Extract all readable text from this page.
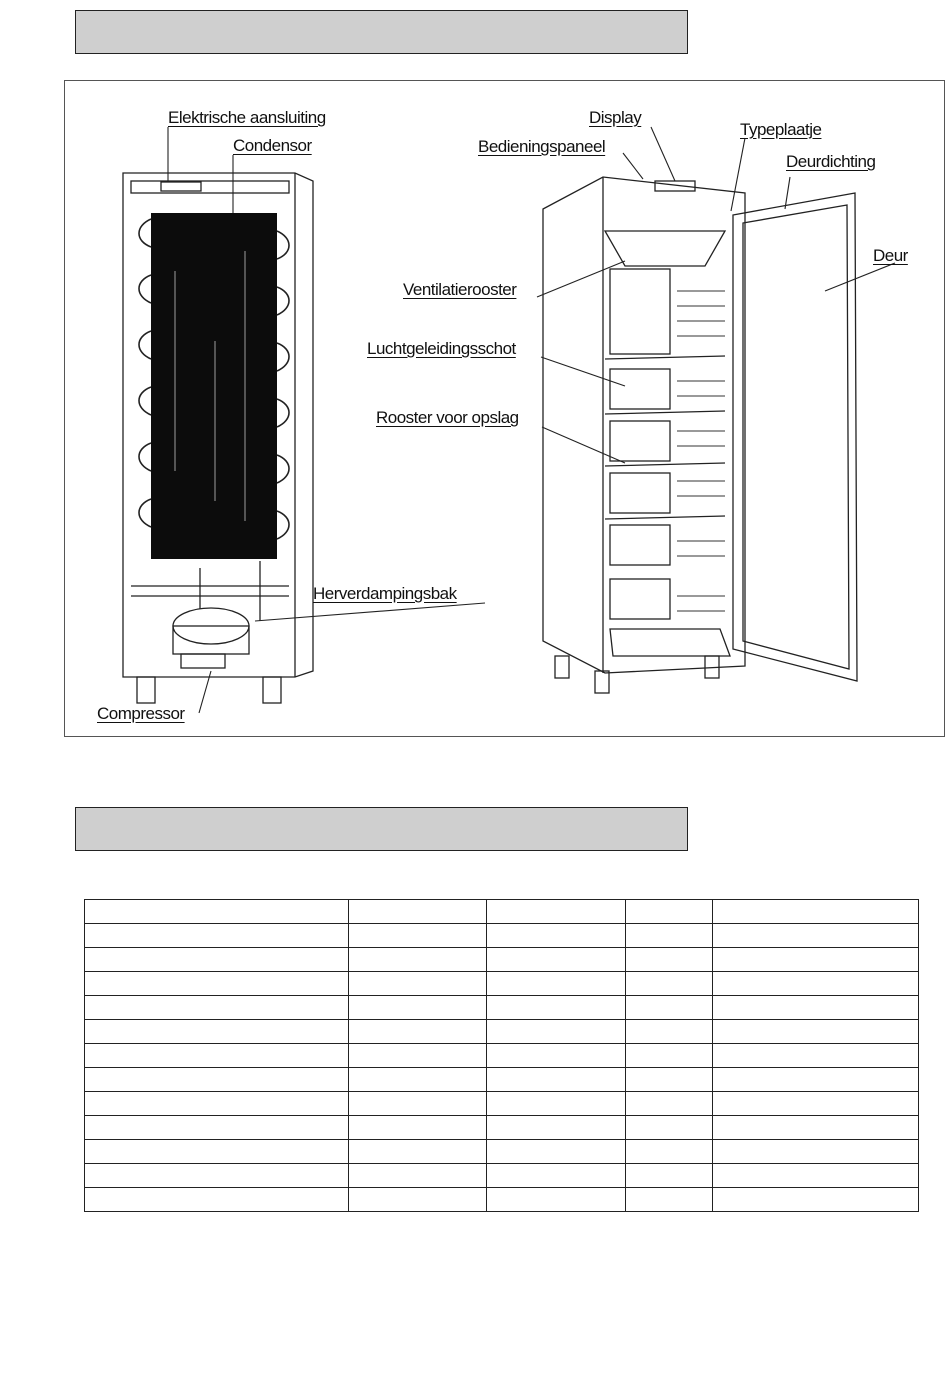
Elektrische aansluiting
Condensor
Herverdampingsbak
Compressor
Display
Typeplaatje
Bedieningspaneel
Deurdichting
Deur
Ventilatierooster
Luchtgeleidingsschot
Rooster voor opslag
